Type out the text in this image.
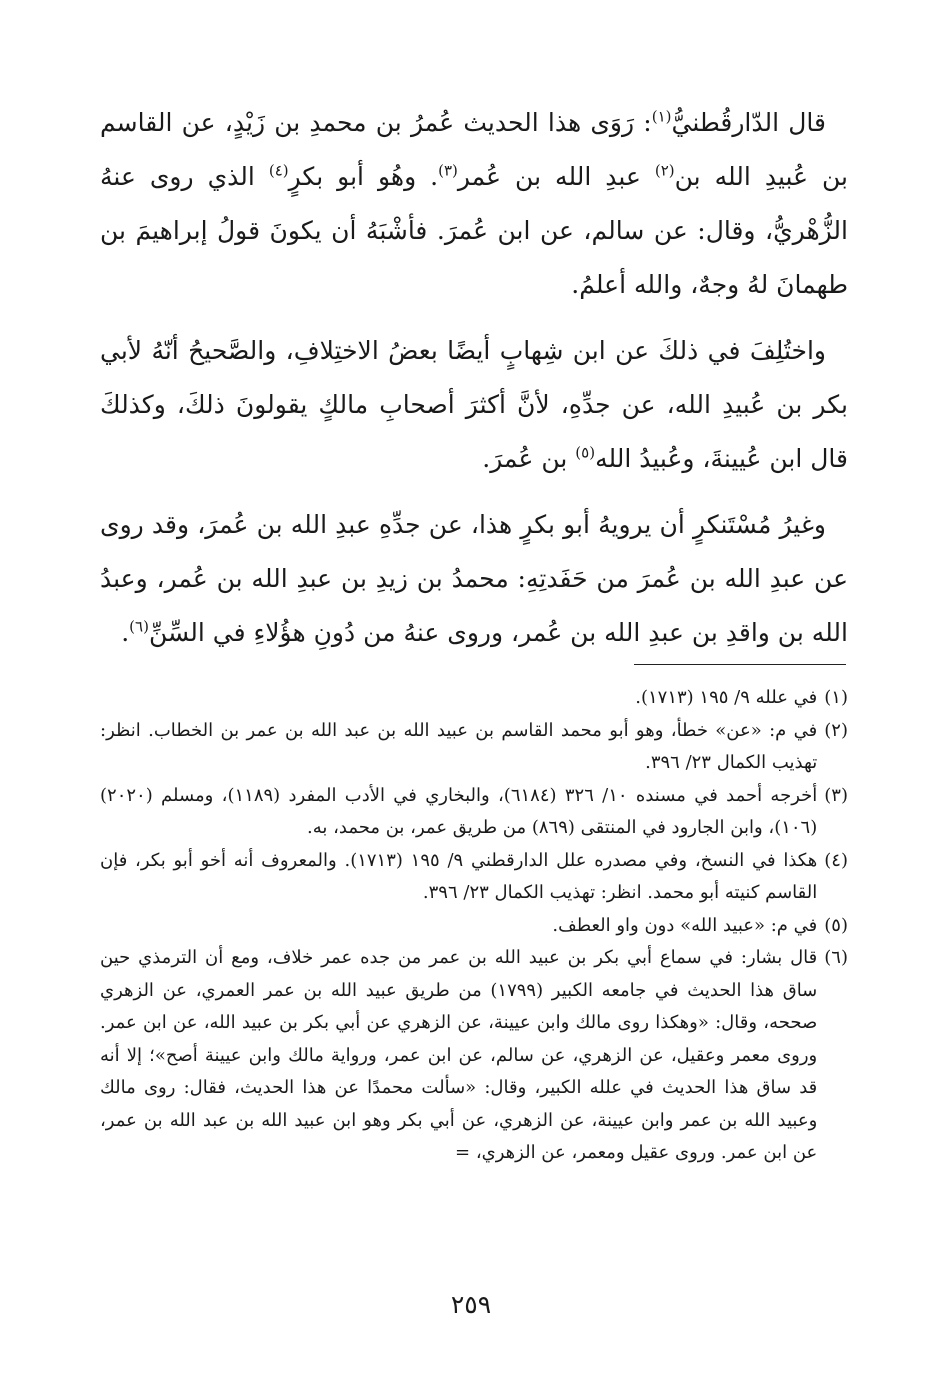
قال الدّارقُطنيُّ$^{(١)}$: رَوَى هذا الحديث عُمرُ بن محمدِ بن زَيْدٍ، عن القاسم بن عُبيدِ الله بن$^{(٢)}$ عبدِ الله بن عُمر$^{(٣)}$. وهُو أبو بكرٍ$^{(٤)}$ الذي روى عنهُ الزُّهْريُّ، وقال: عن سالم، عن ابن عُمرَ. فأشْبَهُ أن يكونَ قولُ إبراهيمَ بن طهمانَ لهُ وجهٌ، والله أعلمُ.

واختُلِفَ في ذلكَ عن ابن شِهابٍ أيضًا بعضُ الاختِلافِ، والصَّحيحُ أنّهُ لأبي بكر بن عُبيدِ الله، عن جدِّهِ، لأنَّ أكثرَ أصحابِ مالكٍ يقولونَ ذلكَ، وكذلكَ قال ابن عُيينةَ، وعُبيدُ الله$^{(٥)}$ بن عُمرَ.

وغيرُ مُسْتَنكرٍ أن يرويهُ أبو بكرٍ هذا، عن جدِّهِ عبدِ الله بن عُمرَ، وقد روى عن عبدِ الله بن عُمرَ من حَفَدتِهِ: محمدُ بن زيدِ بن عبدِ الله بن عُمر، وعبدُ الله بن واقدِ بن عبدِ الله بن عُمر، وروى عنهُ من دُونِ هؤُلاءِ في السِّنِّ$^{(٦)}$.

(١)
في علله ٩/ ١٩٥ (١٧١٣).
(٢)
في م: «عن» خطأ، وهو أبو محمد القاسم بن عبيد الله بن عبد الله بن عمر بن الخطاب. انظر: تهذيب الكمال ٢٣/ ٣٩٦.
(٣)
أخرجه أحمد في مسنده ١٠/ ٣٢٦ (٦١٨٤)، والبخاري في الأدب المفرد (١١٨٩)، ومسلم (٢٠٢٠) (١٠٦)، وابن الجارود في المنتقى (٨٦٩) من طريق عمر، بن محمد، به.
(٤)
هكذا في النسخ، وفي مصدره علل الدارقطني ٩/ ١٩٥ (١٧١٣). والمعروف أنه أخو أبو بكر، فإن القاسم كنيته أبو محمد. انظر: تهذيب الكمال ٢٣/ ٣٩٦.
(٥)
في م: «عبيد الله» دون واو العطف.
(٦)
قال بشار: في سماع أبي بكر بن عبيد الله بن عمر من جده عمر خلاف، ومع أن الترمذي حين ساق هذا الحديث في جامعه الكبير (١٧٩٩) من طريق عبيد الله بن عمر العمري، عن الزهري صححه، وقال: «وهكذا روى مالك وابن عيينة، عن الزهري عن أبي بكر بن عبيد الله، عن ابن عمر. وروى معمر وعقيل، عن الزهري، عن سالم، عن ابن عمر، ورواية مالك وابن عيينة أصح»؛ إلا أنه قد ساق هذا الحديث في علله الكبير، وقال: «سألت محمدًا عن هذا الحديث، فقال: روى مالك وعبيد الله بن عمر وابن عيينة، عن الزهري، عن أبي بكر وهو ابن عبيد الله بن عبد الله بن عمر، عن ابن عمر. وروى عقيل ومعمر، عن الزهري، =
٢٥٩
